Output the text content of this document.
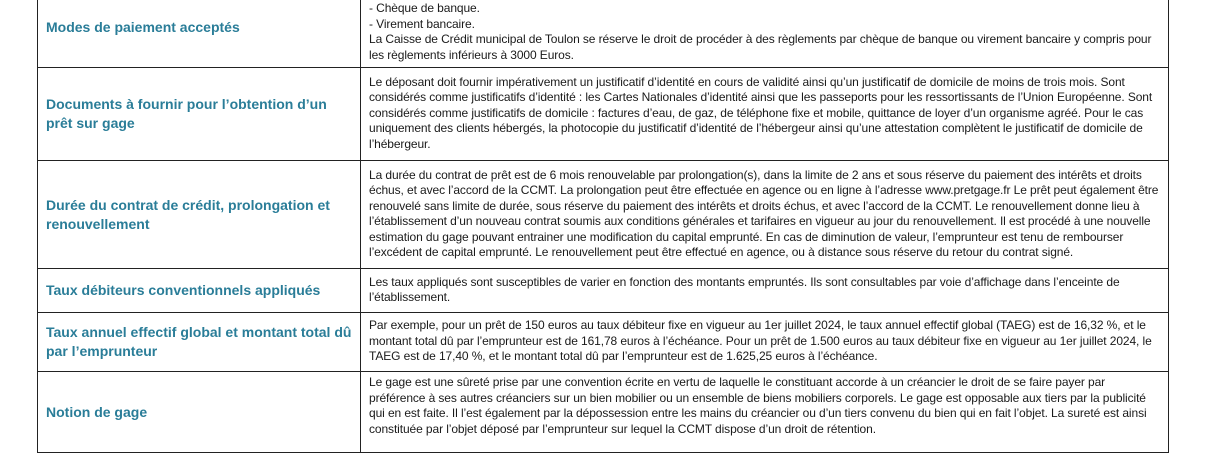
Modes de paiement acceptés	- Chèque de banque.

- Virement bancaire.

La Caisse de Crédit municipal de Toulon se réserve le droit de procéder à des règlements par chèque de banque ou virement bancaire y compris pour les règlements inférieurs à 3000 Euros.

Documents à fournir pour l’obtention d’un prêt sur gage	Le déposant doit fournir impérativement un justificatif d’identité en cours de validité ainsi qu’un justificatif de domicile de moins de trois mois. Sont considérés comme justificatifs d’identité : les Cartes Nationales d’identité ainsi que les passeports pour les ressortissants de l’Union Européenne. Sont considérés comme justificatifs de domicile : factures d’eau, de gaz, de téléphone fixe et mobile, quittance de loyer d’un organisme agréé. Pour le cas uniquement des clients hébergés, la photocopie du justificatif d’identité de l’hébergeur ainsi qu’une attestation complètent le justificatif de domicile de l’hébergeur.
Durée du contrat de crédit, prolongation et renouvellement	La durée du contrat de prêt est de 6 mois renouvelable par prolongation(s), dans la limite de 2 ans et sous réserve du paiement des intérêts et droits échus, et avec l’accord de la CCMT. La prolongation peut être effectuée en agence ou en ligne à l’adresse www.pretgage.fr Le prêt peut également être renouvelé sans limite de durée, sous réserve du paiement des intérêts et droits échus, et avec l’accord de la CCMT. Le renouvellement donne lieu à l’établissement d’un nouveau contrat soumis aux conditions générales et tarifaires en vigueur au jour du renouvellement. Il est procédé à une nouvelle estimation du gage pouvant entrainer une modification du capital emprunté. En cas de diminution de valeur, l’emprunteur est tenu de rembourser l’excédent de capital emprunté. Le renouvellement peut être effectué en agence, ou à distance sous réserve du retour du contrat signé.
Taux débiteurs conventionnels appliqués	Les taux appliqués sont susceptibles de varier en fonction des montants empruntés. Ils sont consultables par voie d’affichage dans l’enceinte de l’établissement.
Taux annuel effectif global et montant total dû par l’emprunteur	Par exemple, pour un prêt de 150 euros au taux débiteur fixe en vigueur au 1er juillet 2024, le taux annuel effectif global (TAEG) est de 16,32 %, et le montant total dû par l’emprunteur est de 161,78 euros à l’échéance. Pour un prêt de 1.500 euros au taux débiteur fixe en vigueur au 1er juillet 2024, le TAEG est de 17,40 %, et le montant total dû par l’emprunteur est de 1.625,25 euros à l’échéance.
Notion de gage	Le gage est une sûreté prise par une convention écrite en vertu de laquelle le constituant accorde à un créancier le droit de se faire payer par préférence à ses autres créanciers sur un bien mobilier ou un ensemble de biens mobiliers corporels. Le gage est opposable aux tiers par la publicité qui en est faite. Il l’est également par la dépossession entre les mains du créancier ou d’un tiers convenu du bien qui en fait l’objet. La sureté est ainsi constituée par l’objet déposé par l’emprunteur sur lequel la CCMT dispose d’un droit de rétention.
